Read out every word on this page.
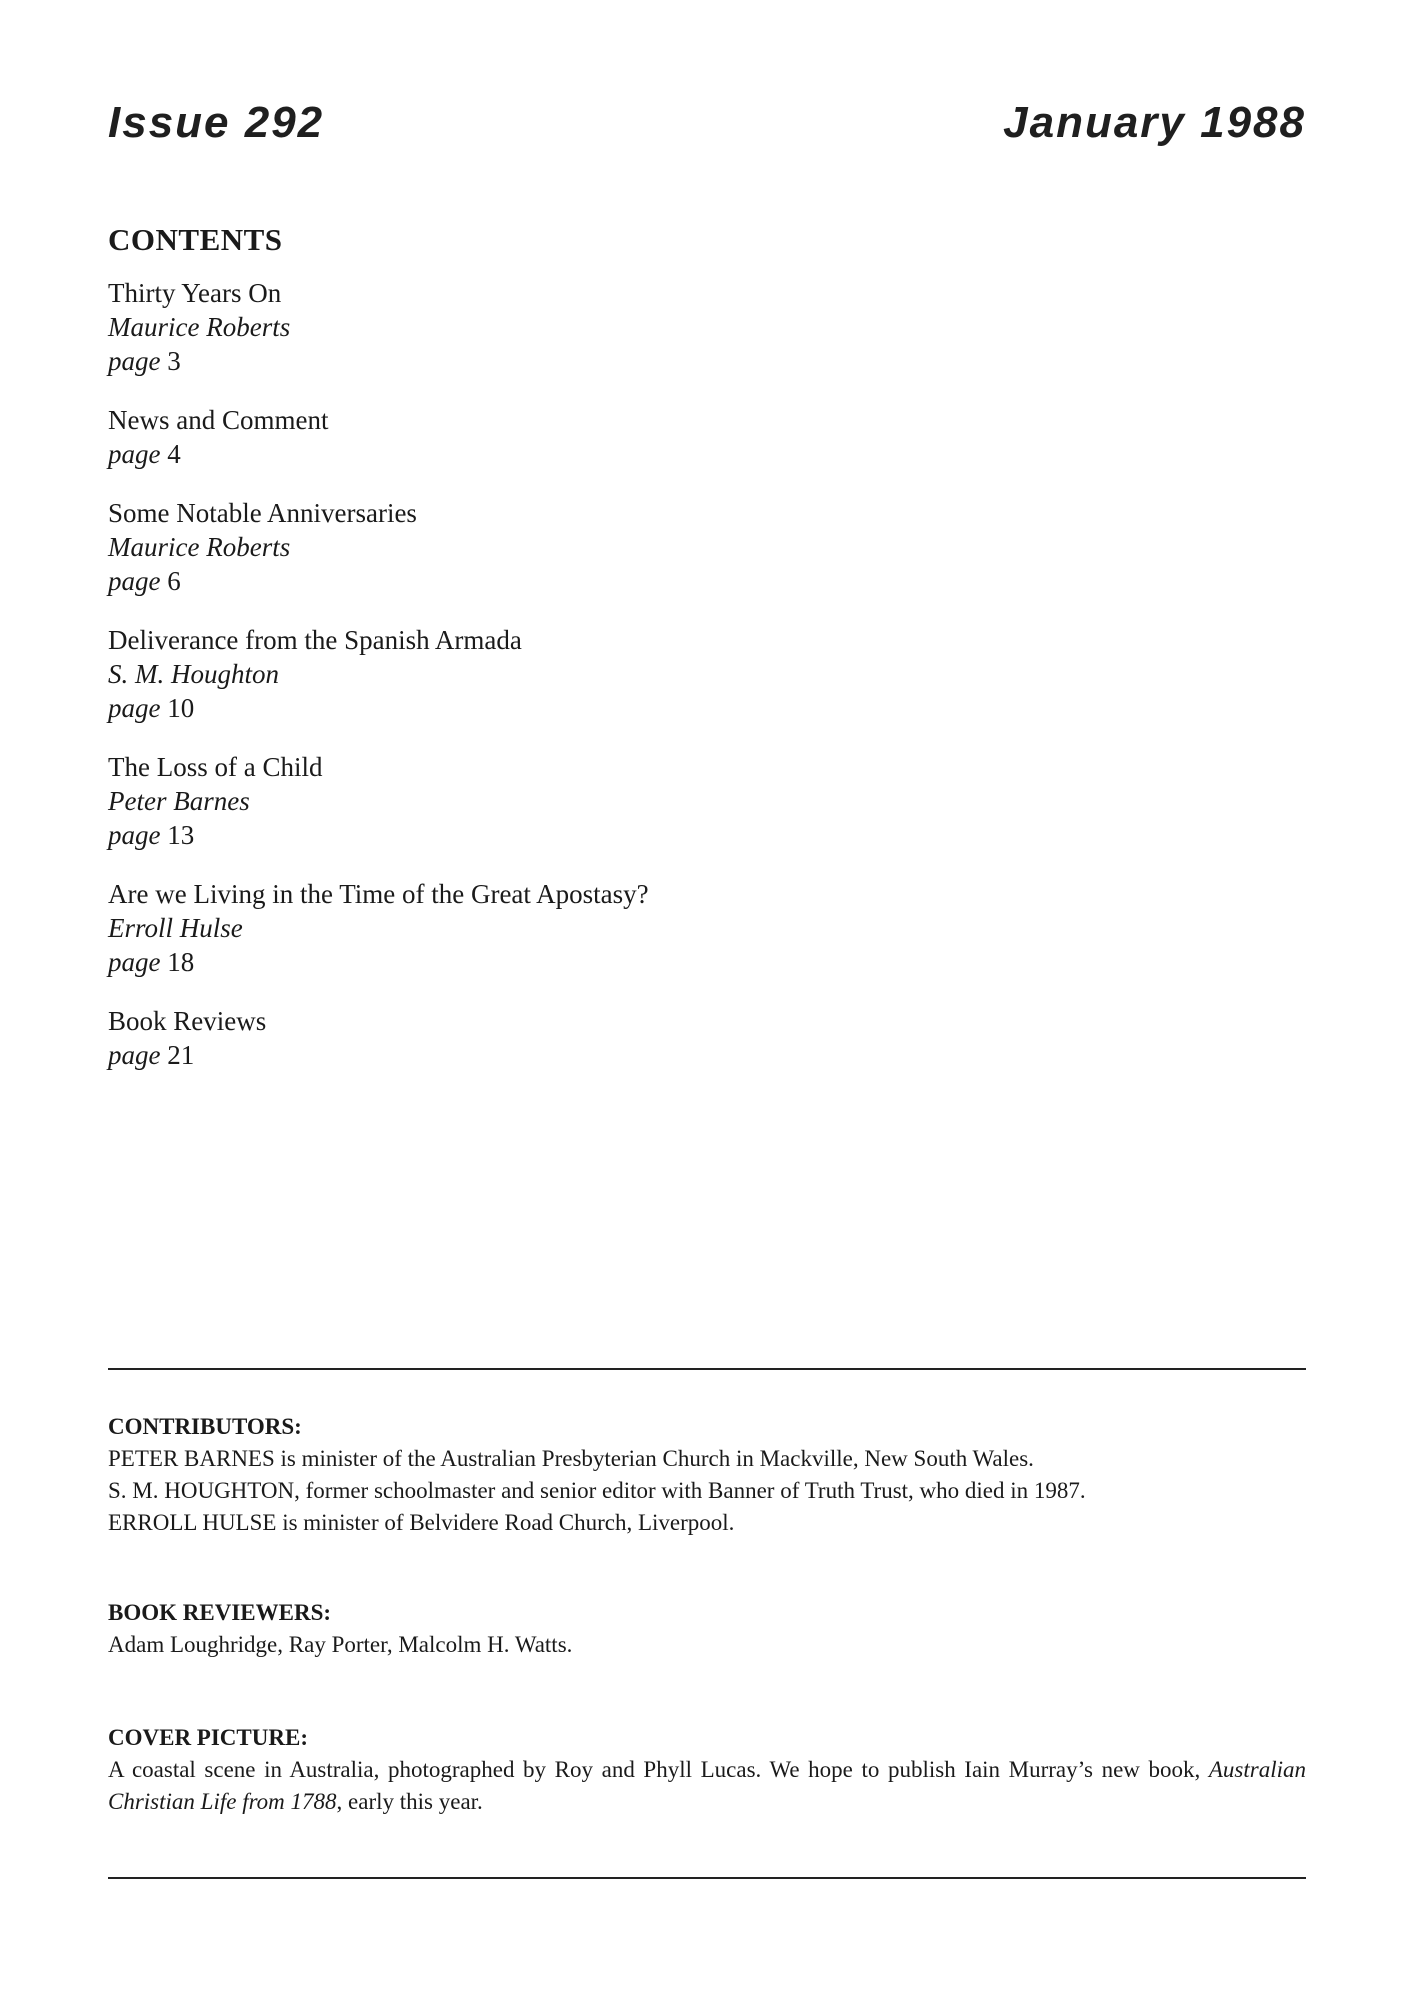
Issue 292	January 1988
CONTENTS
Thirty Years On
Maurice Roberts
page 3
News and Comment
page 4
Some Notable Anniversaries
Maurice Roberts
page 6
Deliverance from the Spanish Armada
S. M. Houghton
page 10
The Loss of a Child
Peter Barnes
page 13
Are we Living in the Time of the Great Apostasy?
Erroll Hulse
page 18
Book Reviews
page 21
CONTRIBUTORS:
PETER BARNES is minister of the Australian Presbyterian Church in Mackville, New South Wales.
S. M. HOUGHTON, former schoolmaster and senior editor with Banner of Truth Trust, who died in 1987.
ERROLL HULSE is minister of Belvidere Road Church, Liverpool.
BOOK REVIEWERS:
Adam Loughridge, Ray Porter, Malcolm H. Watts.
COVER PICTURE:
A coastal scene in Australia, photographed by Roy and Phyll Lucas. We hope to publish Iain Murray’s new book, Australian Christian Life from 1788, early this year.
